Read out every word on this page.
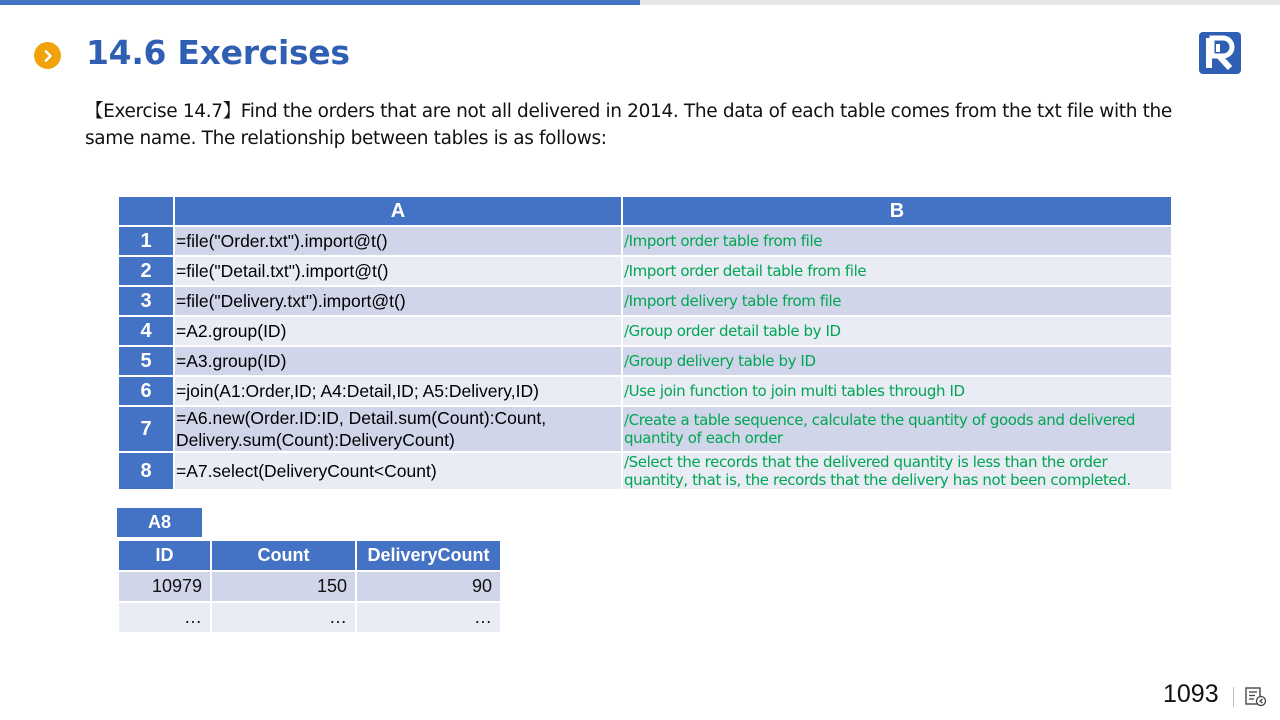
14.6 Exercises
【Exercise 14.7】Find the orders that are not all delivered in 2014. The data of each table comes from the txt file with the same name. The relationship between tables is as follows:
	A	B
1	=file("Order.txt").import@t()	/Import order table from file
2	=file("Detail.txt").import@t()	/Import order detail table from file
3	=file("Delivery.txt").import@t()	/Import delivery table from file
4	=A2.group(ID)	/Group order detail table by ID
5	=A3.group(ID)	/Group delivery table by ID
6	=join(A1:Order,ID; A4:Detail,ID; A5:Delivery,ID)	/Use join function to join multi tables through ID
7	=A6.new(Order.ID:ID, Detail.sum(Count):Count, Delivery.sum(Count):DeliveryCount)	/Create a table sequence, calculate the quantity of goods and delivered quantity of each order
8	=A7.select(DeliveryCount<Count)	/Select the records that the delivered quantity is less than the order quantity, that is, the records that the delivery has not been completed.
A8
ID	Count	DeliveryCount
10979	150	90
…	…	…
1093
